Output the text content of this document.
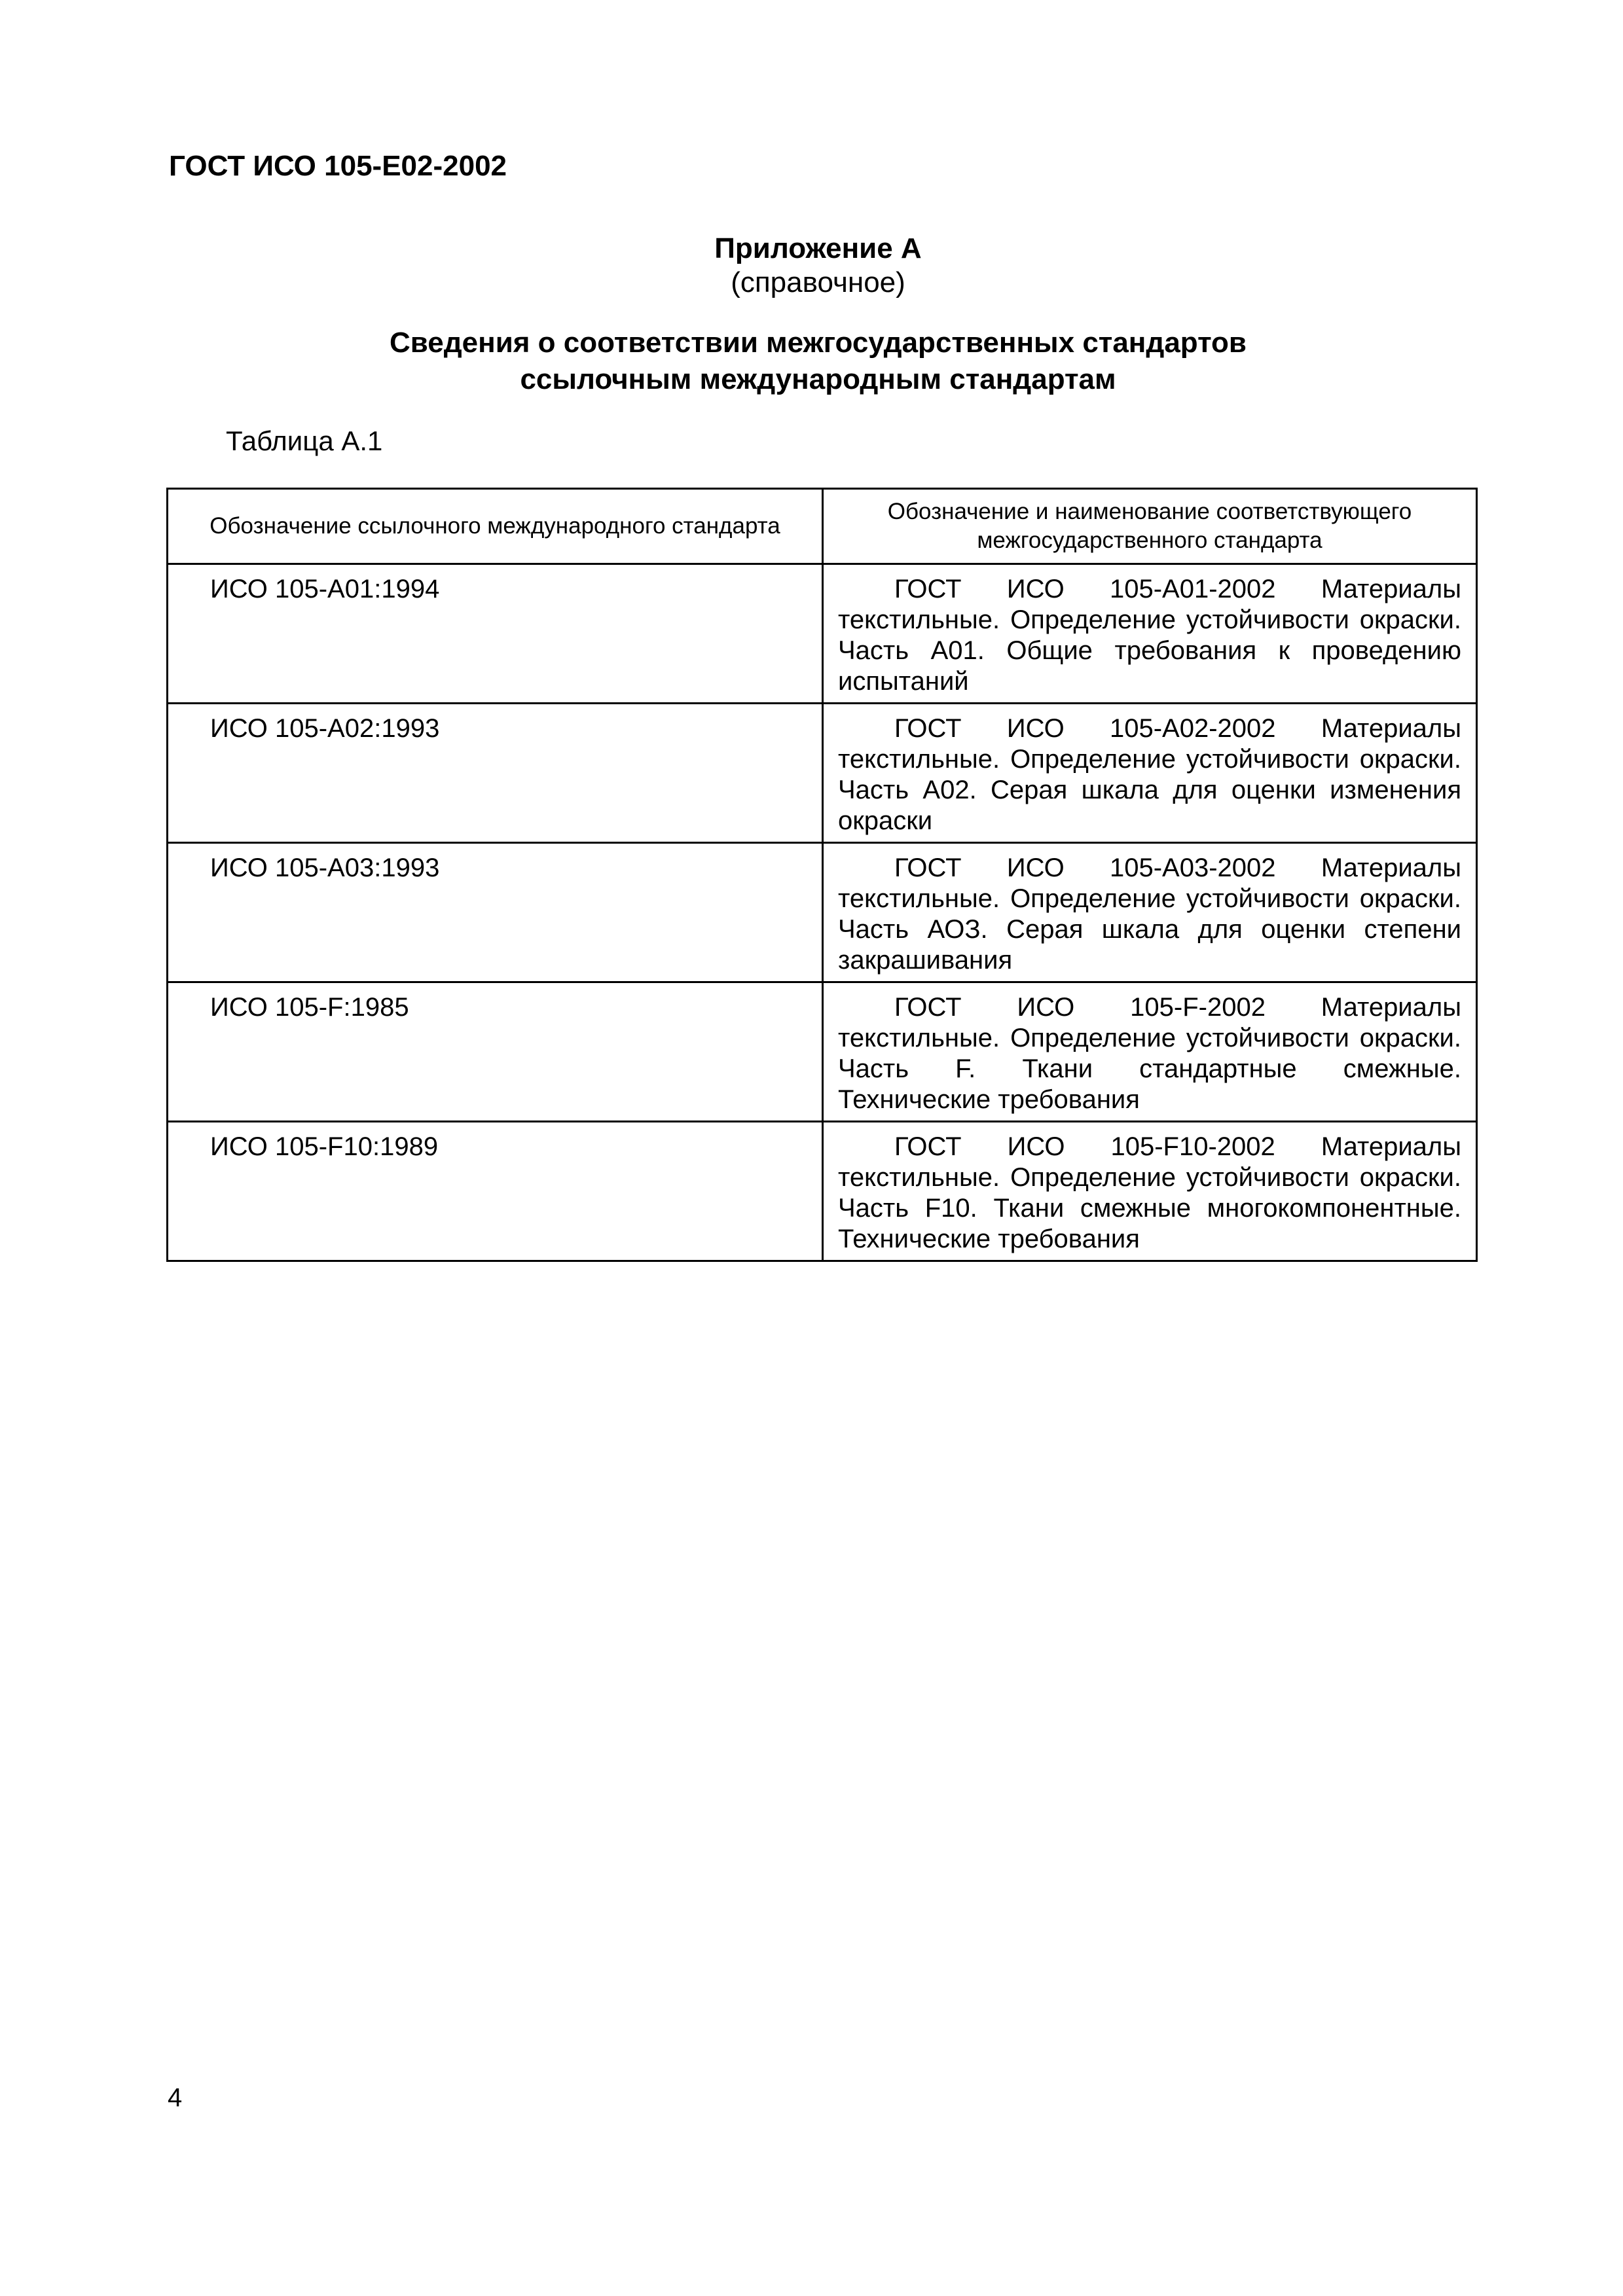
ГОСТ ИСО 105-Е02-2002
Приложение А
(справочное)
Сведения о соответствии межгосударственных стандартов
ссылочным международным стандартам
Таблица А.1
Обозначение ссылочного международного стандарта	Обозначение и наименование соответствующего
межгосударственного стандарта

ИСО 105-А01:1994	ГОСТ ИСО 105-А01-2002 Материалы текстильные. Определение устойчивости окраски. Часть А01. Общие требования к проведению испытаний
ИСО 105-А02:1993	ГОСТ ИСО 105-А02-2002 Материалы текстильные. Определение устойчивости окраски. Часть А02. Серая шкала для оценки изменения окраски
ИСО 105-А03:1993	ГОСТ ИСО 105-А03-2002 Материалы текстильные. Определение устойчивости окраски. Часть АОЗ. Серая шкала для оценки степени закрашивания
ИСО 105-F:1985	ГОСТ ИСО 105-F-2002 Материалы текстильные. Определение устойчивости окраски. Часть F. Ткани стандартные смежные. Технические требования
ИСО 105-F10:1989	ГОСТ ИСО 105-F10-2002 Материалы текстильные. Определение устойчивости окраски. Часть F10. Ткани смежные многокомпонентные. Технические требования
4
